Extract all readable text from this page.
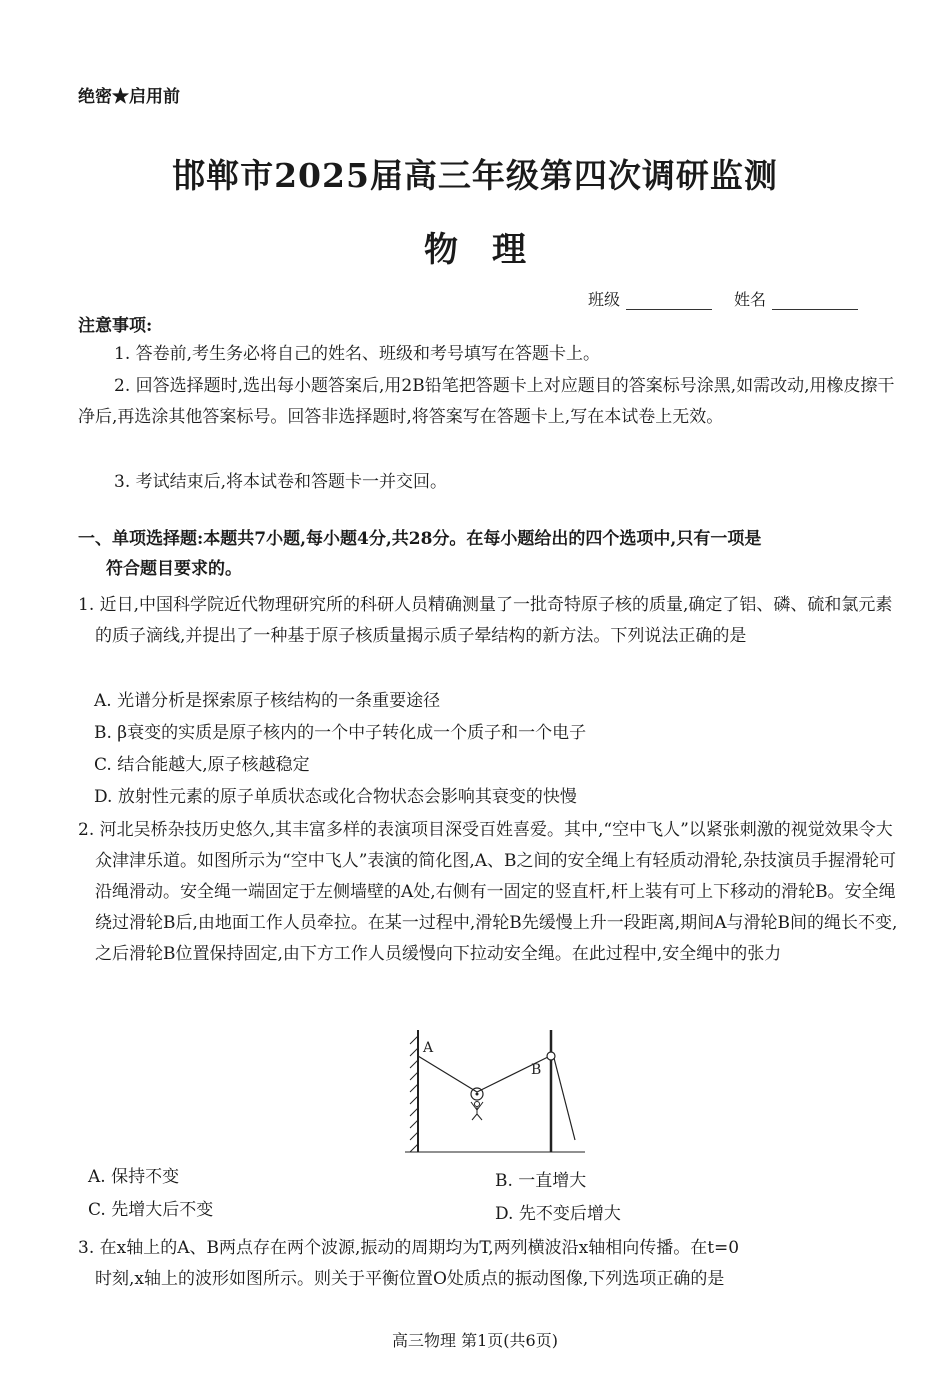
绝密★启用前
邯郸市2025届高三年级第四次调研监测
物理
班级	姓名
注意事项:
1. 答卷前,考生务必将自己的姓名、班级和考号填写在答题卡上。
2. 回答选择题时,选出每小题答案后,用2B铅笔把答题卡上对应题目的答案标号涂黑,如需改动,用橡皮擦干净后,再选涂其他答案标号。回答非选择题时,将答案写在答题卡上,写在本试卷上无效。
3. 考试结束后,将本试卷和答题卡一并交回。
一、单项选择题:本题共7小题,每小题4分,共28分。在每小题给出的四个选项中,只有一项是
符合题目要求的。
1. 近日,中国科学院近代物理研究所的科研人员精确测量了一批奇特原子核的质量,确定了铝、磷、硫和氯元素的质子滴线,并提出了一种基于原子核质量揭示质子晕结构的新方法。下列说法正确的是
A. 光谱分析是探索原子核结构的一条重要途径
B. β衰变的实质是原子核内的一个中子转化成一个质子和一个电子
C. 结合能越大,原子核越稳定
D. 放射性元素的原子单质状态或化合物状态会影响其衰变的快慢
2. 河北吴桥杂技历史悠久,其丰富多样的表演项目深受百姓喜爱。其中,“空中飞人”以紧张刺激的视觉效果令大众津津乐道。如图所示为“空中飞人”表演的简化图,A、B之间的安全绳上有轻质动滑轮,杂技演员手握滑轮可沿绳滑动。安全绳一端固定于左侧墙壁的A处,右侧有一固定的竖直杆,杆上装有可上下移动的滑轮B。安全绳绕过滑轮B后,由地面工作人员牵拉。在某一过程中,滑轮B先缓慢上升一段距离,期间A与滑轮B间的绳长不变,之后滑轮B位置保持固定,由下方工作人员缓慢向下拉动安全绳。在此过程中,安全绳中的张力
A
B
A. 保持不变	B. 一直增大
C. 先增大后不变	D. 先不变后增大
3. 在x轴上的A、B两点存在两个波源,振动的周期均为T,两列横波沿x轴相向传播。在t=0
时刻,x轴上的波形如图所示。则关于平衡位置O处质点的振动图像,下列选项正确的是
高三物理 第1页(共6页)
